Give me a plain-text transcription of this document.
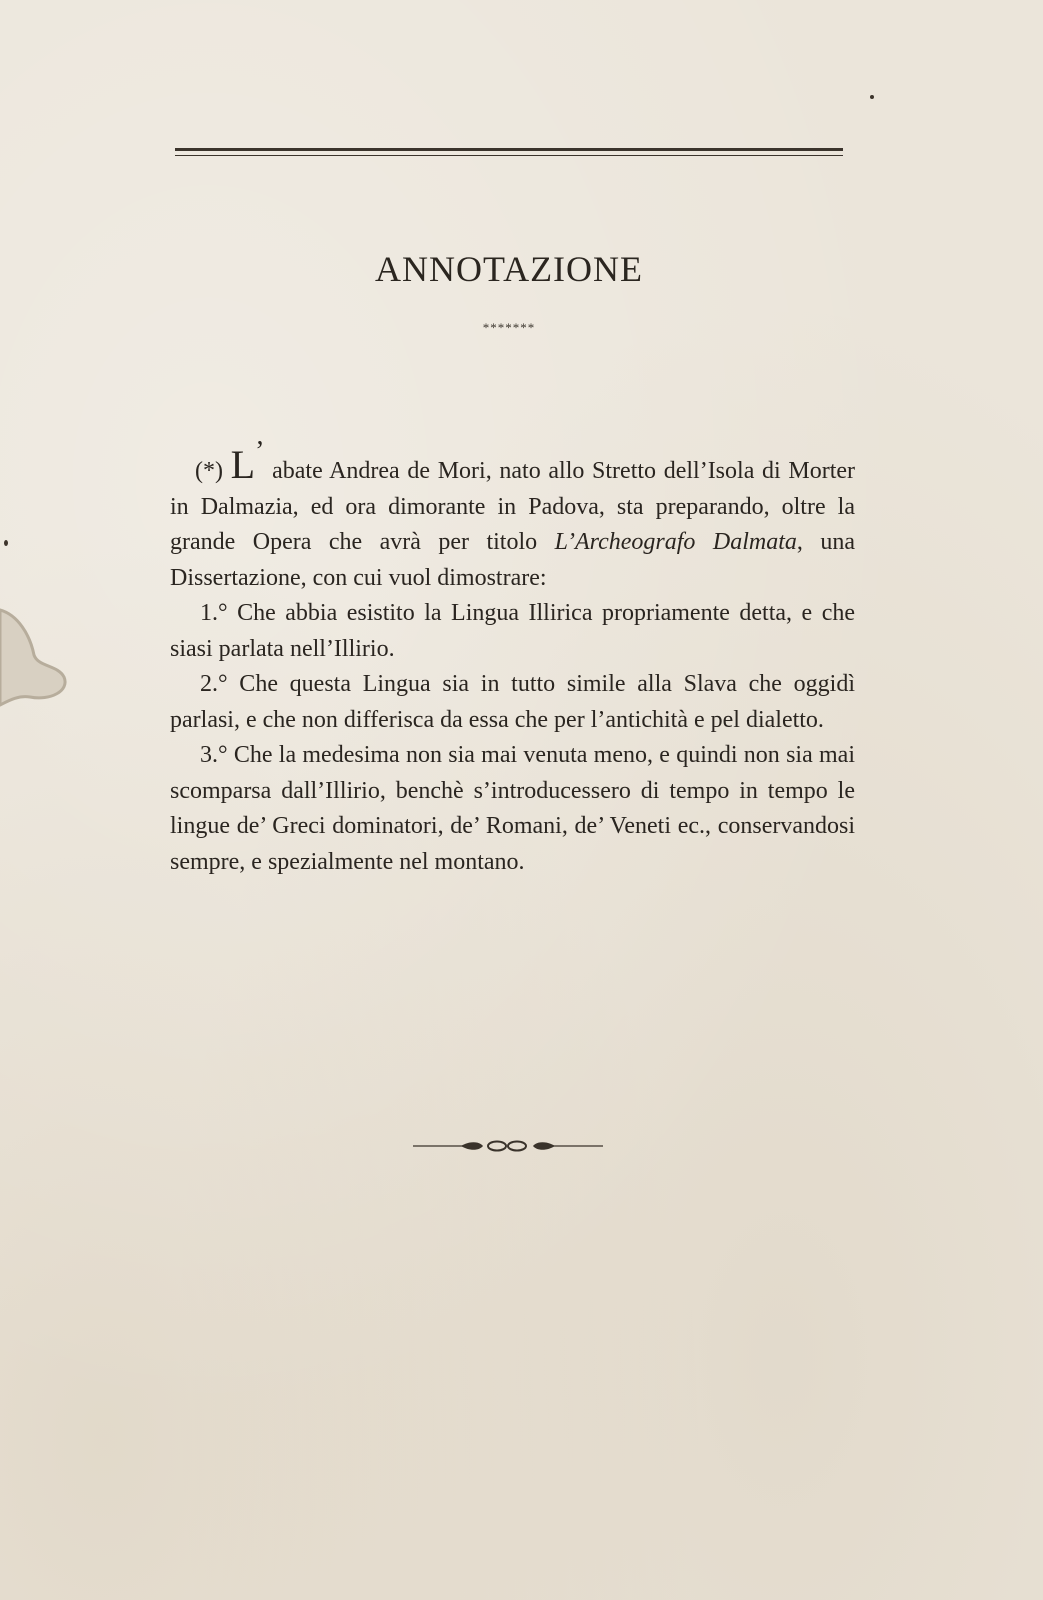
ANNOTAZIONE
*******

(*) L’ abate Andrea de Mori, nato allo Stretto dell’Isola di Morter in Dalmazia, ed ora dimorante in Padova, sta preparando, oltre la grande Opera che avrà per titolo L’Archeografo Dalmata, una Dissertazione, con cui vuol dimostrare:

1.° Che abbia esistito la Lingua Illirica propriamente detta, e che siasi parlata nell’Illirio.

2.° Che questa Lingua sia in tutto simile alla Slava che oggidì parlasi, e che non differisca da essa che per l’antichità e pel dialetto.

3.° Che la medesima non sia mai venuta meno, e quindi non sia mai scomparsa dall’Illirio, benchè s’introducessero di tempo in tempo le lingue de’ Greci dominatori, de’ Romani, de’ Veneti ec., conservandosi sempre, e spezialmente nel montano.
